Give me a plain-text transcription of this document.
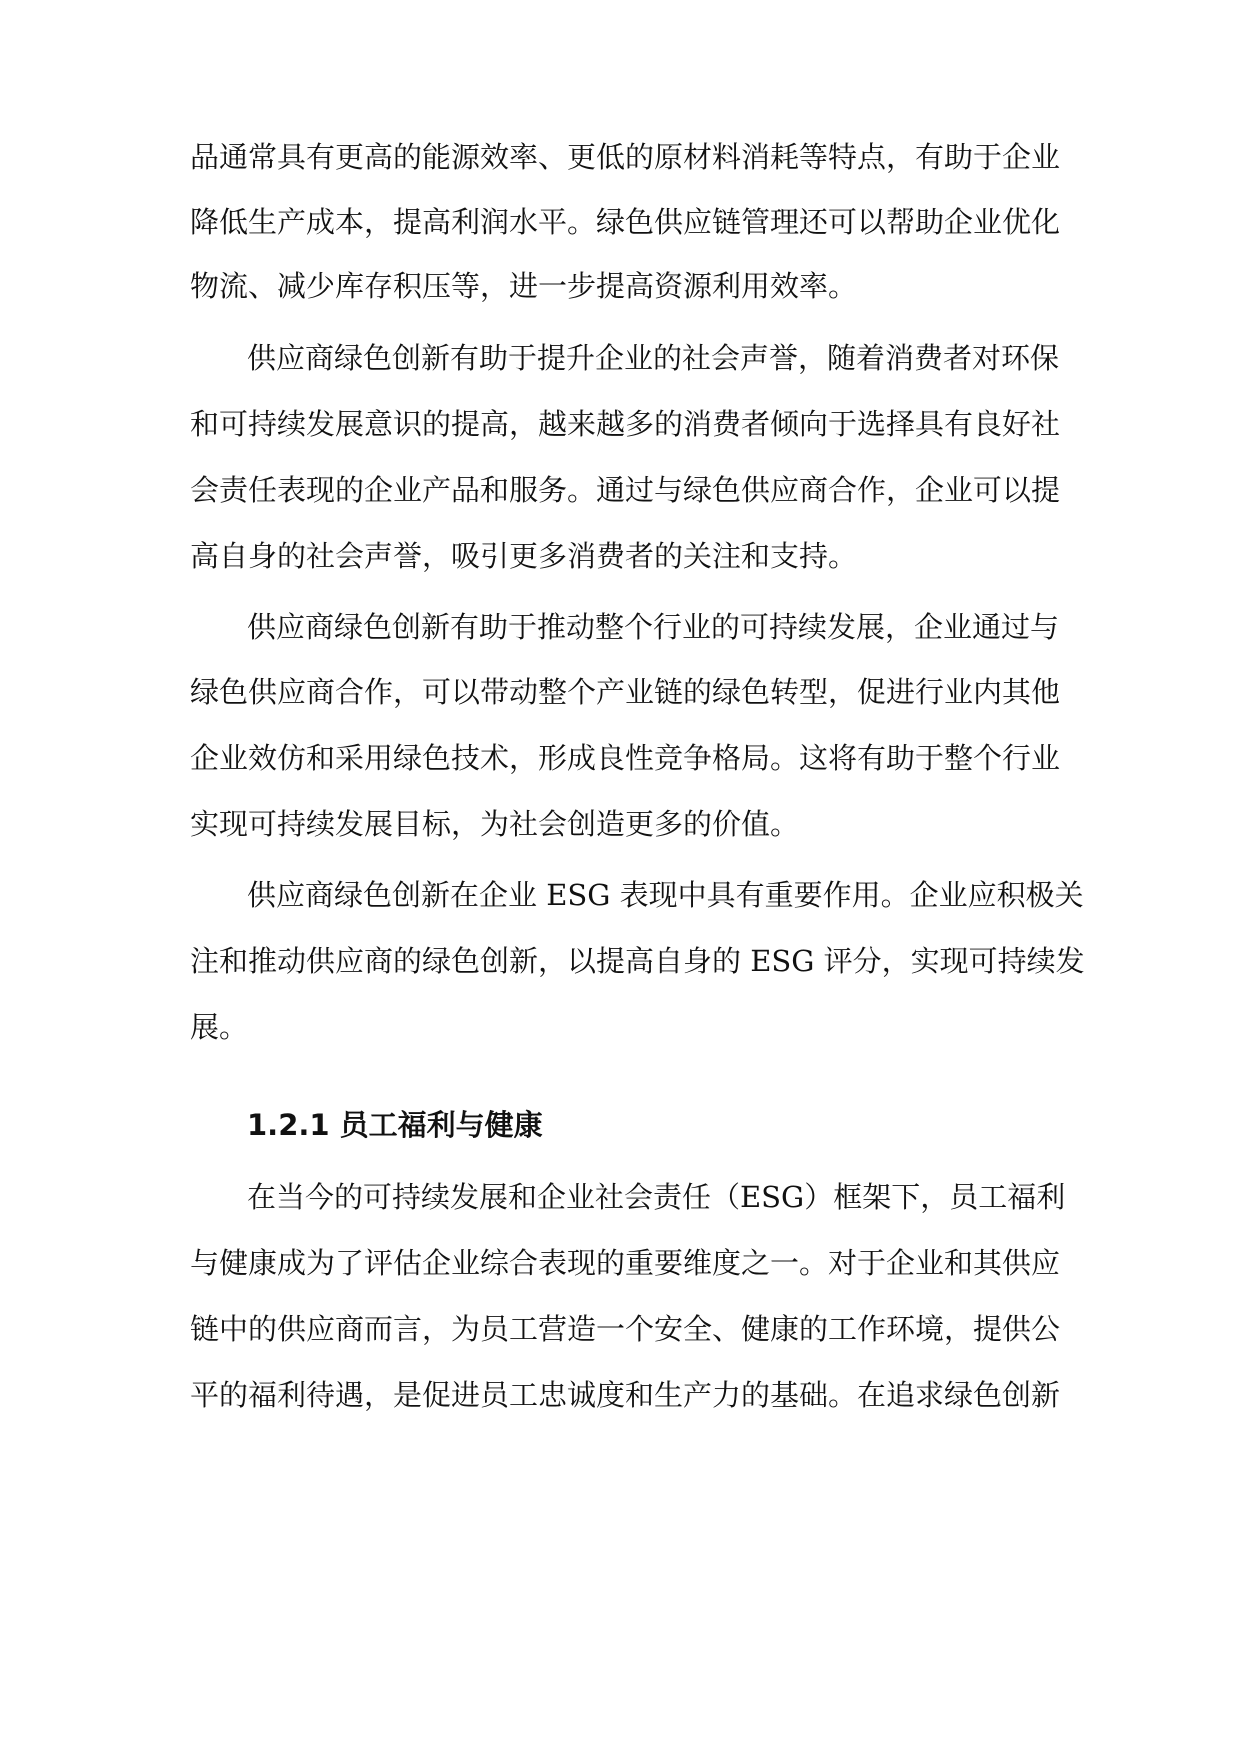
品通常具有更高的能源效率、更低的原材料消耗等特点，有助于企业
降低生产成本，提高利润水平。绿色供应链管理还可以帮助企业优化
物流、减少库存积压等，进一步提高资源利用效率。
供应商绿色创新有助于提升企业的社会声誉，随着消费者对环保
和可持续发展意识的提高，越来越多的消费者倾向于选择具有良好社
会责任表现的企业产品和服务。通过与绿色供应商合作，企业可以提
高自身的社会声誉，吸引更多消费者的关注和支持。
供应商绿色创新有助于推动整个行业的可持续发展，企业通过与
绿色供应商合作，可以带动整个产业链的绿色转型，促进行业内其他
企业效仿和采用绿色技术，形成良性竞争格局。这将有助于整个行业
实现可持续发展目标，为社会创造更多的价值。
供应商绿色创新在企业 ESG 表现中具有重要作用。企业应积极关
注和推动供应商的绿色创新，以提高自身的 ESG 评分，实现可持续发
展。
1.2.1 员工福利与健康
在当今的可持续发展和企业社会责任（ESG）框架下，员工福利
与健康成为了评估企业综合表现的重要维度之一。对于企业和其供应
链中的供应商而言，为员工营造一个安全、健康的工作环境，提供公
平的福利待遇，是促进员工忠诚度和生产力的基础。在追求绿色创新
